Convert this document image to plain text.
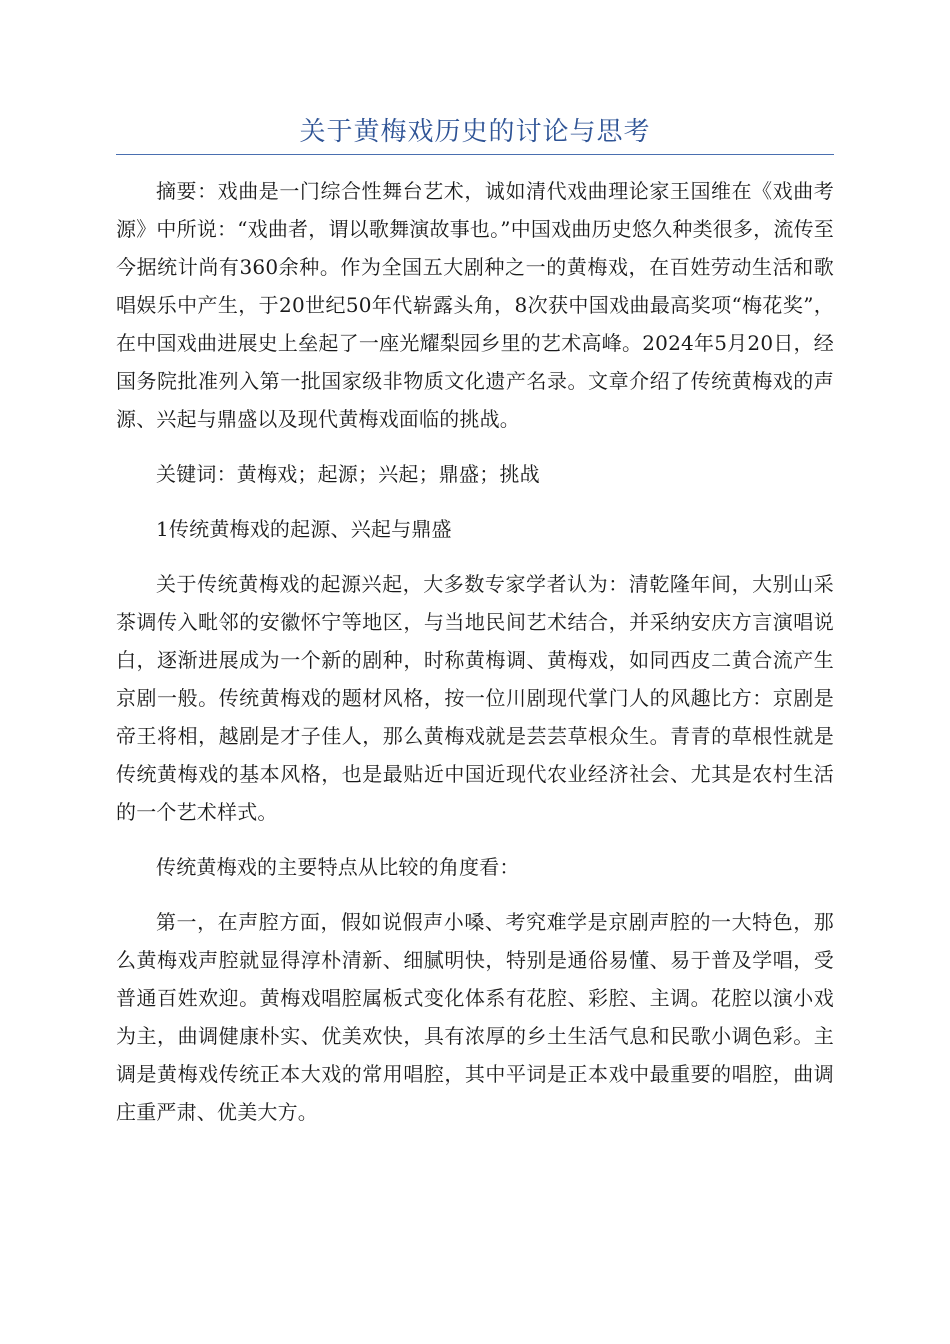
关于黄梅戏历史的讨论与思考

摘要：戏曲是一门综合性舞台艺术，诚如清代戏曲理论家王国维在《戏曲考源》中所说：“戏曲者，谓以歌舞演故事也。”中国戏曲历史悠久种类很多，流传至今据统计尚有360余种。作为全国五大剧种之一的黄梅戏，在百姓劳动生活和歌唱娱乐中产生，于20世纪50年代崭露头角，8次获中国戏曲最高奖项“梅花奖”，在中国戏曲进展史上垒起了一座光耀梨园乡里的艺术高峰。2024年5月20日，经国务院批准列入第一批国家级非物质文化遗产名录。文章介绍了传统黄梅戏的声源、兴起与鼎盛以及现代黄梅戏面临的挑战。

关键词：黄梅戏；起源；兴起；鼎盛；挑战

1传统黄梅戏的起源、兴起与鼎盛

关于传统黄梅戏的起源兴起，大多数专家学者认为：清乾隆年间，大别山采茶调传入毗邻的安徽怀宁等地区，与当地民间艺术结合，并采纳安庆方言演唱说白，逐渐进展成为一个新的剧种，时称黄梅调、黄梅戏，如同西皮二黄合流产生京剧一般。传统黄梅戏的题材风格，按一位川剧现代掌门人的风趣比方：京剧是帝王将相，越剧是才子佳人，那么黄梅戏就是芸芸草根众生。青青的草根性就是传统黄梅戏的基本风格，也是最贴近中国近现代农业经济社会、尤其是农村生活的一个艺术样式。

传统黄梅戏的主要特点从比较的角度看：

第一，在声腔方面，假如说假声小嗓、考究难学是京剧声腔的一大特色，那么黄梅戏声腔就显得淳朴清新、细腻明快，特别是通俗易懂、易于普及学唱，受普通百姓欢迎。黄梅戏唱腔属板式变化体系有花腔、彩腔、主调。花腔以演小戏为主，曲调健康朴实、优美欢快，具有浓厚的乡土生活气息和民歌小调色彩。主调是黄梅戏传统正本大戏的常用唱腔，其中平词是正本戏中最重要的唱腔，曲调庄重严肃、优美大方。
